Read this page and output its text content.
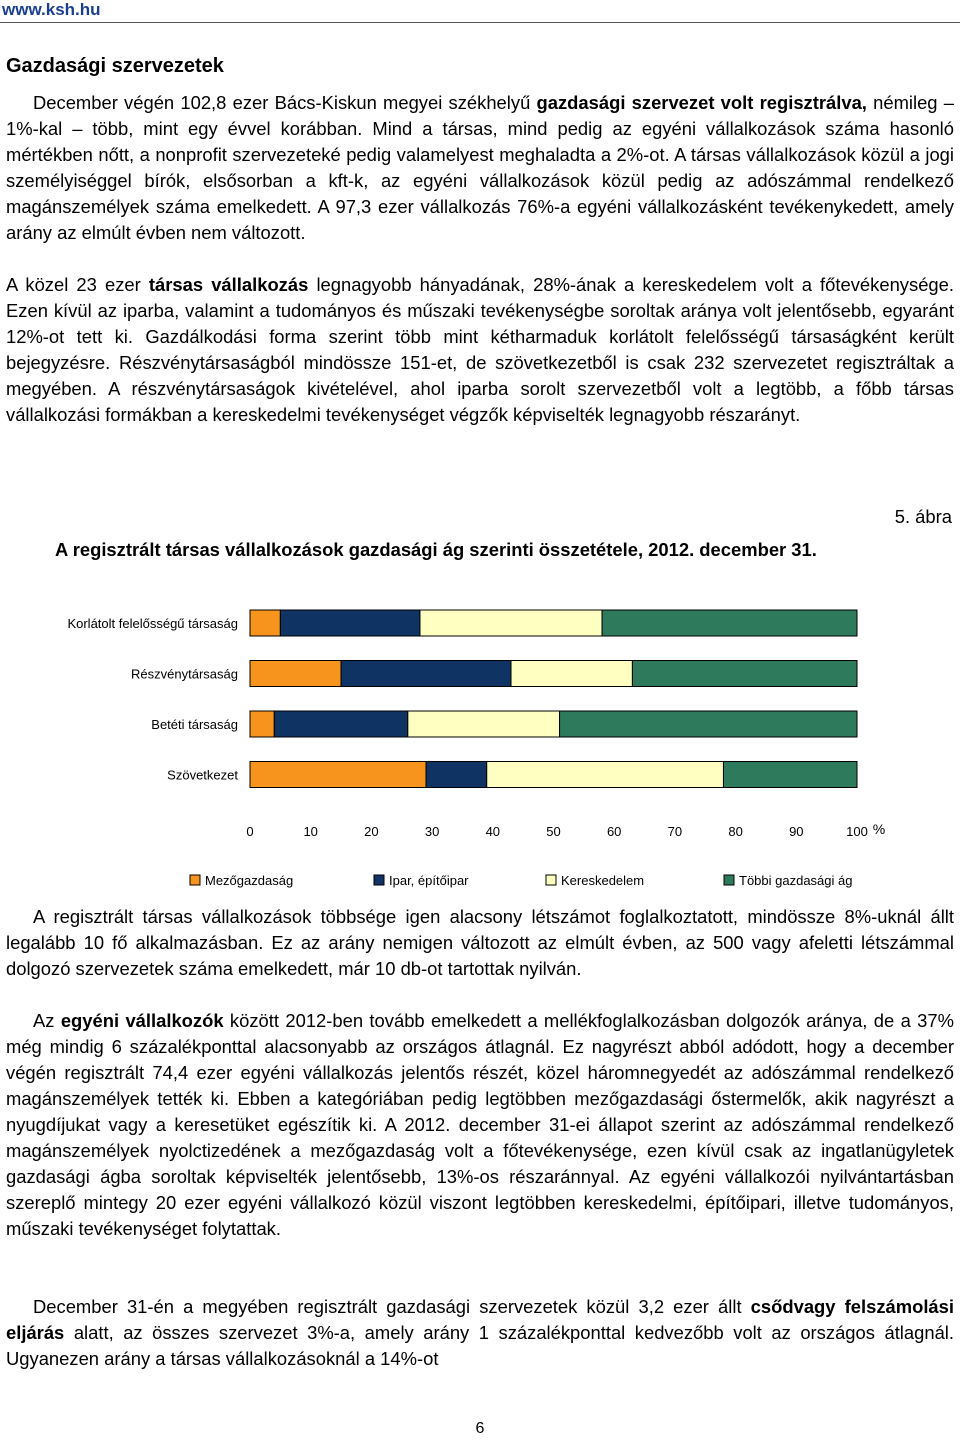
www.ksh.hu
Gazdasági szervezetek

December végén 102,8 ezer Bács-Kiskun megyei székhelyű gazdasági szervezet volt regisztrálva, némileg – 1%-kal – több, mint egy évvel korábban. Mind a társas, mind pedig az egyéni vállalkozások száma hasonló mértékben nőtt, a nonprofit szervezeteké pedig valamelyest meghaladta a 2%-ot. A társas vállalkozások közül a jogi személyiséggel bírók, elsősorban a kft-k, az egyéni vállalkozások közül pedig az adószámmal rendelkező magánszemélyek száma emelkedett. A 97,3 ezer vállalkozás 76%-a egyéni vállalkozásként tevékenykedett, amely arány az elmúlt évben nem változott.

A közel 23 ezer társas vállalkozás legnagyobb hányadának, 28%-ának a kereskedelem volt a főtevékenysége. Ezen kívül az iparba, valamint a tudományos és műszaki tevékenységbe soroltak aránya volt jelentősebb, egyaránt 12%-ot tett ki. Gazdálkodási forma szerint több mint kétharmaduk korlátolt felelősségű társaságként került bejegyzésre. Részvénytársaságból mindössze 151-et, de szövetkezetből is csak 232 szervezetet regisztráltak a megyében. A részvénytársaságok kivételével, ahol iparba sorolt szervezetből volt a legtöbb, a főbb társas vállalkozási formákban a kereskedelmi tevékenységet végzők képviselték legnagyobb részarányt.

5. ábra
A regisztrált társas vállalkozások gazdasági ág szerinti összetétele, 2012. december 31.
Korlátolt felelősségű társaság
Részvénytársaság
Betéti társaság
Szövetkezet
0	10	20	30	40	50	60	70	80	90	100 %
Mezőgazdaság	Ipar, építőipar	Kereskedelem	Többi gazdasági ág

A regisztrált társas vállalkozások többsége igen alacsony létszámot foglalkoztatott, mindössze 8%-uknál állt legalább 10 fő alkalmazásban. Ez az arány nemigen változott az elmúlt évben, az 500 vagy afeletti létszámmal dolgozó szervezetek száma emelkedett, már 10 db-ot tartottak nyilván.

Az egyéni vállalkozók között 2012-ben tovább emelkedett a mellékfoglalkozásban dolgozók aránya, de a 37% még mindig 6 százalékponttal alacsonyabb az országos átlagnál. Ez nagyrészt abból adódott, hogy a december végén regisztrált 74,4 ezer egyéni vállalkozás jelentős részét, közel háromnegyedét az adószámmal rendelkező magánszemélyek tették ki. Ebben a kategóriában pedig legtöbben mezőgazdasági őstermelők, akik nagyrészt a nyugdíjukat vagy a keresetüket egészítik ki. A 2012. december 31-ei állapot szerint az adószámmal rendelkező magánszemélyek nyolctizedének a mezőgazdaság volt a főtevékenysége, ezen kívül csak az ingatlanügyletek gazdasági ágba soroltak képviselték jelentősebb, 13%-os részaránnyal. Az egyéni vállalkozói nyilvántartásban szereplő mintegy 20 ezer egyéni vállalkozó közül viszont legtöbben kereskedelmi, építőipari, illetve tudományos, műszaki tevékenységet folytattak.

December 31-én a megyében regisztrált gazdasági szervezetek közül 3,2 ezer állt csődvagy felszámolási eljárás alatt, az összes szervezet 3%-a, amely arány 1 százalékponttal kedvezőbb volt az országos átlagnál. Ugyanezen arány a társas vállalkozásoknál a 14%-ot

6
